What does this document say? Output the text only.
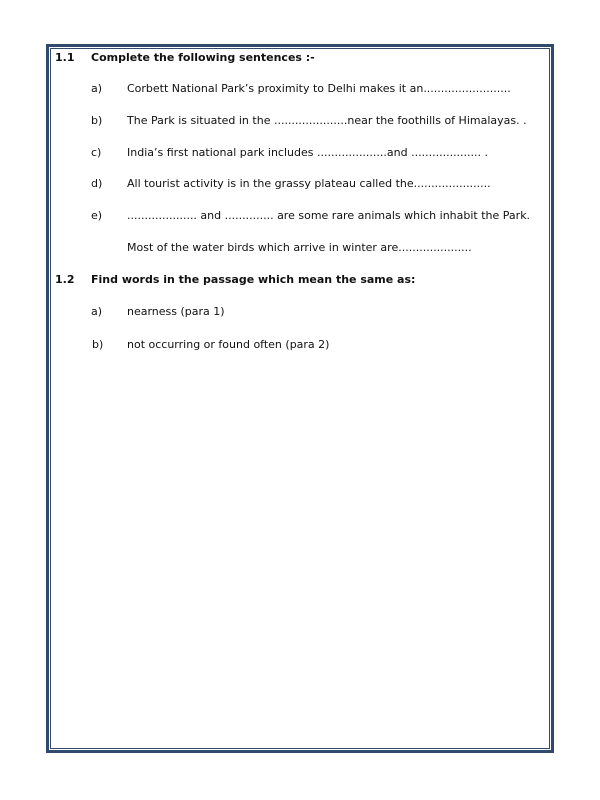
1.1 Complete the following sentences :-
a) Corbett National Park’s proximity to Delhi makes it an.........................
b) The Park is situated in the .....................near the foothills of Himalayas. .
c) India’s first national park includes ....................and .................... .
d) All tourist activity is in the grassy plateau called the......................
e) .................... and .............. are some rare animals which inhabit the Park.
Most of the water birds which arrive in winter are.....................
1.2 Find words in the passage which mean the same as:
a) nearness (para 1)
b) not occurring or found often (para 2)
